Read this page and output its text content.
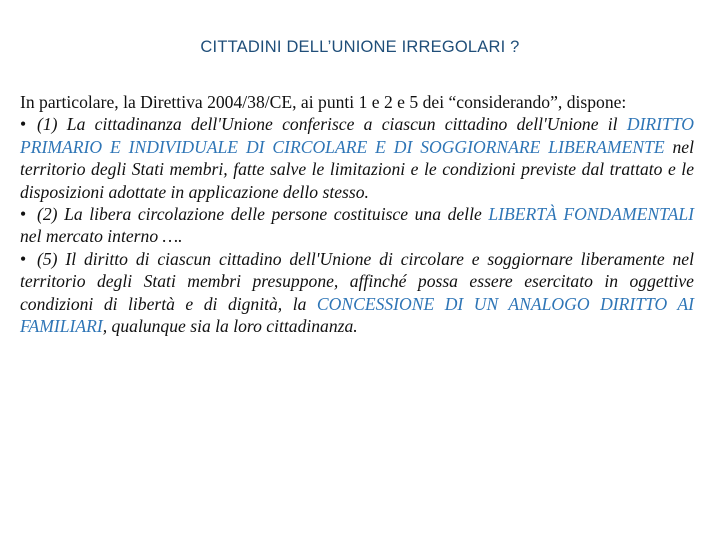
CITTADINI DELL’UNIONE IRREGOLARI ?

In particolare, la Direttiva 2004/38/CE, ai punti 1 e 2 e 5 dei “considerando”, dispone:

• (1) La cittadinanza dell'Unione conferisce a ciascun cittadino dell'Unione il DIRITTO PRIMARIO E INDIVIDUALE DI CIRCOLARE E DI SOGGIORNARE LIBERAMENTE nel territorio degli Stati membri, fatte salve le limitazioni e le condizioni previste dal trattato e le disposizioni adottate in applicazione dello stesso.

• (2) La libera circolazione delle persone costituisce una delle LIBERTÀ FONDAMENTALI nel mercato interno ….

• (5) Il diritto di ciascun cittadino dell'Unione di circolare e soggiornare liberamente nel territorio degli Stati membri presuppone, affinché possa essere esercitato in oggettive condizioni di libertà e di dignità, la CONCESSIONE DI UN ANALOGO DIRITTO AI FAMILIARI, qualunque sia la loro cittadinanza.
